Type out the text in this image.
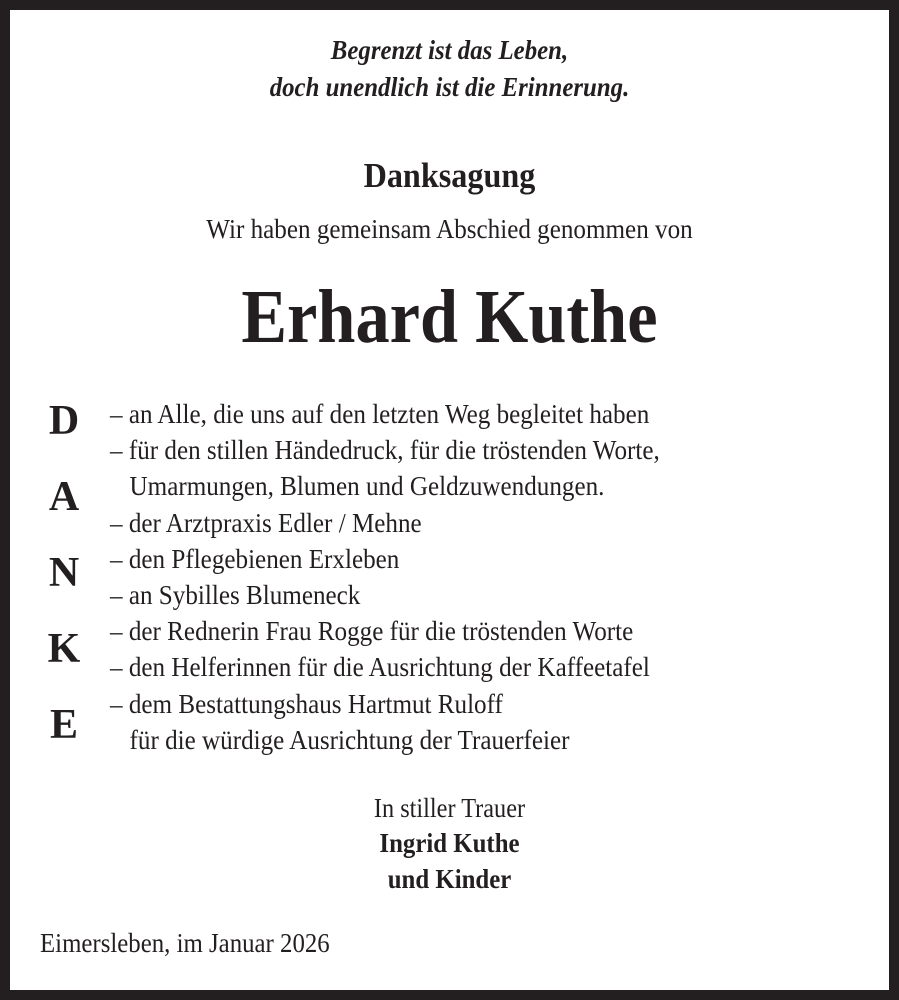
Begrenzt ist das Leben,
doch unendlich ist die Erinnerung.
Danksagung
Wir haben gemeinsam Abschied genommen von
Erhard Kuthe
D
A
N
K
E
– an Alle, die uns auf den letzten Weg begleitet haben
– für den stillen Händedruck, für die tröstenden Worte,
Umarmungen, Blumen und Geldzuwendungen.
– der Arztpraxis Edler / Mehne
– den Pflegebienen Erxleben
– an Sybilles Blumeneck
– der Rednerin Frau Rogge für die tröstenden Worte
– den Helferinnen für die Ausrichtung der Kaffeetafel
– dem Bestattungshaus Hartmut Ruloff
für die würdige Ausrichtung der Trauerfeier
In stiller Trauer
Ingrid Kuthe
und Kinder
Eimersleben, im Januar 2026
